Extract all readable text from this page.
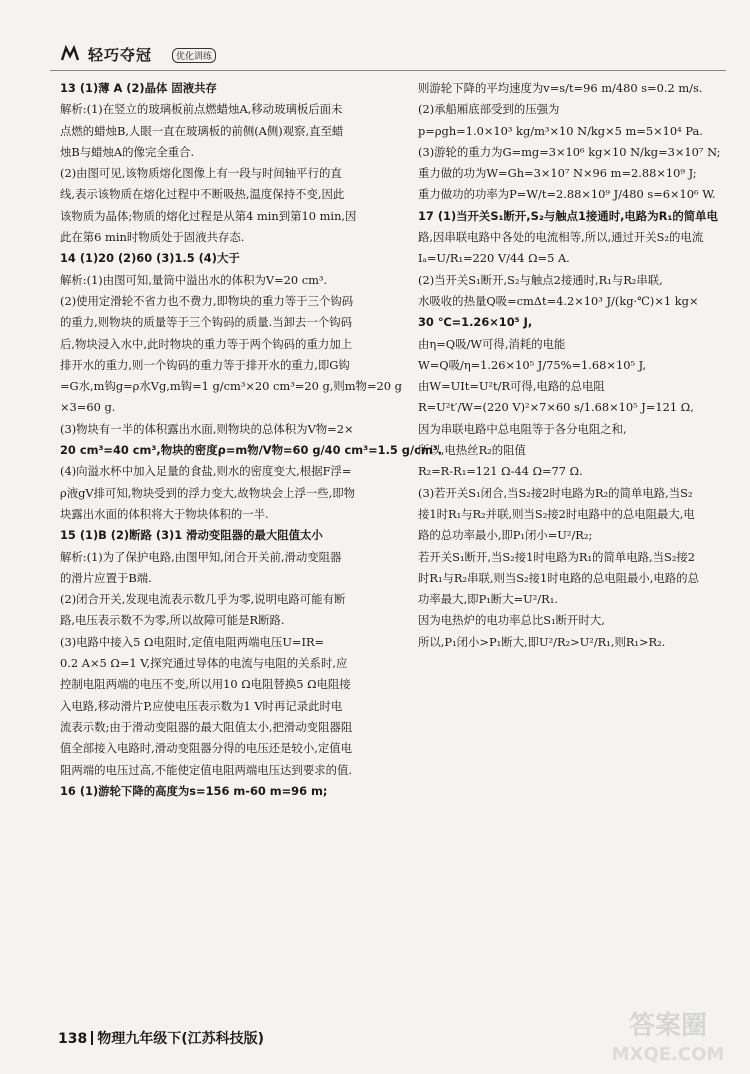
轻巧夺冠	优化训练
13 (1)薄 A (2)晶体 固液共存
解析:(1)在竖立的玻璃板前点燃蜡烛A,移动玻璃板后面未
点燃的蜡烛B,人眼一直在玻璃板的前侧(A侧)观察,直至蜡
烛B与蜡烛A的像完全重合.
(2)由图可见,该物质熔化图像上有一段与时间轴平行的直
线,表示该物质在熔化过程中不断吸热,温度保持不变,因此
该物质为晶体;物质的熔化过程是从第4 min到第10 min,因
此在第6 min时物质处于固液共存态.
14 (1)20 (2)60 (3)1.5 (4)大于
解析:(1)由图可知,量筒中溢出水的体积为V=20 cm³.
(2)使用定滑轮不省力也不费力,即物块的重力等于三个钩码
的重力,则物块的质量等于三个钩码的质量.当卸去一个钩码
后,物块浸入水中,此时物块的重力等于两个钩码的重力加上
排开水的重力,则一个钩码的重力等于排开水的重力,即G钩
=G水,m钩g=ρ水Vg,m钩=1 g/cm³×20 cm³=20 g,则m物=20 g
×3=60 g.
(3)物块有一半的体积露出水面,则物块的总体积为V物=2×
20 cm³=40 cm³,物块的密度ρ=m物/V物=60 g/40 cm³=1.5 g/cm³.
(4)向溢水杯中加入足量的食盐,则水的密度变大,根据F浮=
ρ液gV排可知,物块受到的浮力变大,故物块会上浮一些,即物
块露出水面的体积将大于物块体积的一半.
15 (1)B (2)断路 (3)1 滑动变阻器的最大阻值太小
解析:(1)为了保护电路,由图甲知,闭合开关前,滑动变阻器
的滑片应置于B端.
(2)闭合开关,发现电流表示数几乎为零,说明电路可能有断
路,电压表示数不为零,所以故障可能是R断路.
(3)电路中接入5 Ω电阻时,定值电阻两端电压U=IR=
0.2 A×5 Ω=1 V,探究通过导体的电流与电阻的关系时,应
控制电阻两端的电压不变,所以用10 Ω电阻替换5 Ω电阻接
入电路,移动滑片P,应使电压表示数为1 V时再记录此时电
流表示数;由于滑动变阻器的最大阻值太小,把滑动变阻器阻
值全部接入电路时,滑动变阻器分得的电压还是较小,定值电
阻两端的电压过高,不能使定值电阻两端电压达到要求的值.
16 (1)游轮下降的高度为s=156 m-60 m=96 m;
则游轮下降的平均速度为v=s/t=96 m/480 s=0.2 m/s.
(2)承船厢底部受到的压强为
p=ρgh=1.0×10³ kg/m³×10 N/kg×5 m=5×10⁴ Pa.
(3)游轮的重力为G=mg=3×10⁶ kg×10 N/kg=3×10⁷ N;
重力做的功为W=Gh=3×10⁷ N×96 m=2.88×10⁹ J;
重力做功的功率为P=W/t=2.88×10⁹ J/480 s=6×10⁶ W.
17 (1)当开关S₁断开,S₂与触点1接通时,电路为R₁的简单电
路,因串联电路中各处的电流相等,所以,通过开关S₂的电流
Iₐ=U/R₁=220 V/44 Ω=5 A.
(2)当开关S₁断开,S₂与触点2接通时,R₁与R₂串联,
水吸收的热量Q吸=cmΔt=4.2×10³ J/(kg·℃)×1 kg×
30 ℃=1.26×10⁵ J,
由η=Q吸/W可得,消耗的电能
W=Q吸/η=1.26×10⁵ J/75%=1.68×10⁵ J,
由W=UIt=U²t/R可得,电路的总电阻
R=U²t′/W=(220 V)²×7×60 s/1.68×10⁵ J=121 Ω,
因为串联电路中总电阻等于各分电阻之和,
所以,电热丝R₂的阻值
R₂=R-R₁=121 Ω-44 Ω=77 Ω.
(3)若开关S₁闭合,当S₂接2时电路为R₂的简单电路,当S₂
接1时R₁与R₂并联,则当S₂接2时电路中的总电阻最大,电
路的总功率最小,即P₁闭小=U²/R₂;
若开关S₁断开,当S₂接1时电路为R₁的简单电路,当S₂接2
时R₁与R₂串联,则当S₂接1时电路的总电阻最小,电路的总
功率最大,即P₁断大=U²/R₁.
因为电热炉的电功率总比S₁断开时大,
所以,P₁闭小>P₁断大,即U²/R₂>U²/R₁,则R₁>R₂.
138 物理九年级下(江苏科技版)	答案圈
MXQE.COM
